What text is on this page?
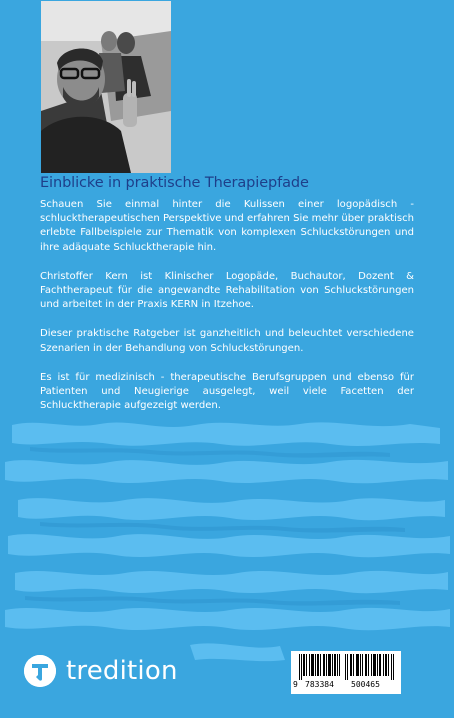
Einblicke in praktische Therapiepfade

Schauen Sie einmal hinter die Kulissen einer logopädisch - schlucktherapeutischen Perspektive und erfahren Sie mehr über praktisch erlebte Fallbeispiele zur Thematik von komplexen Schluckstörungen und ihre adäquate Schlucktherapie hin.

Christoffer Kern ist Klinischer Logopäde, Buchautor, Dozent & Fachtherapeut für die angewandte Rehabilitation von Schluckstörungen und arbeitet in der Praxis KERN in Itzehoe.

Dieser praktische Ratgeber ist ganzheitlich und beleuchtet verschiedene Szenarien in der Behandlung von Schluckstörungen.

Es ist für medizinisch - therapeutische Berufsgruppen und ebenso für Patienten und Neugierige ausgelegt, weil viele Facetten der Schlucktherapie aufgezeigt werden.

tredition	9 783384 500465
